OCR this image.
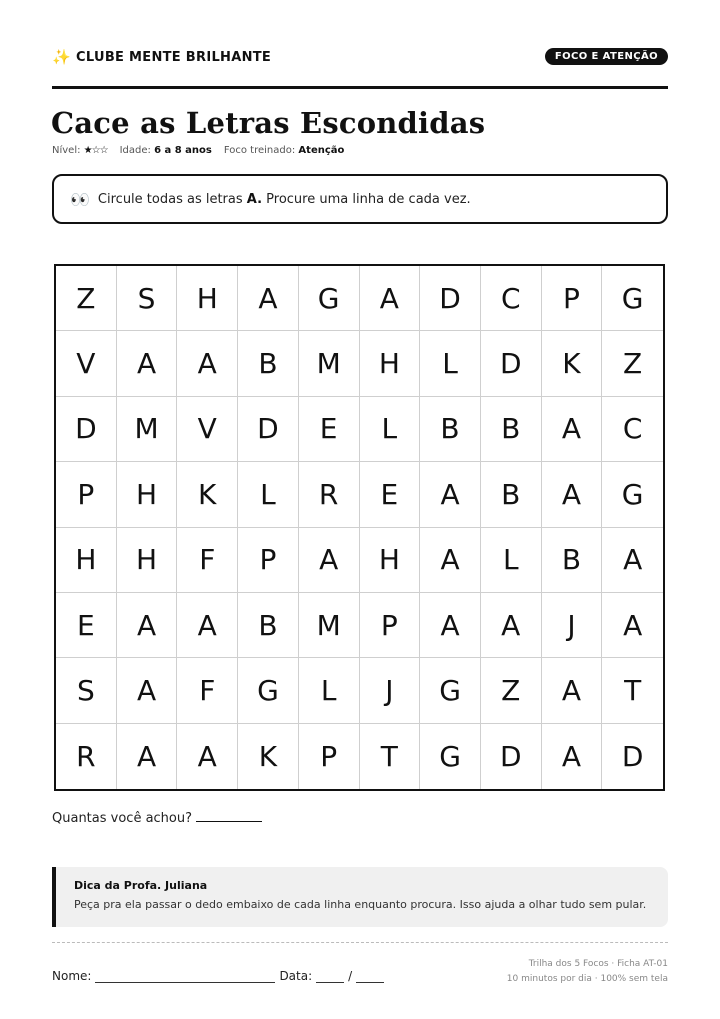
✨ CLUBE MENTE BRILHANTE	FOCO E ATENÇÃO
Cace as Letras Escondidas
Nível: ★☆☆ Idade: 6 a 8 anos Foco treinado: Atenção
👀 Circule todas as letras A. Procure uma linha de cada vez.
Z	S	H	A	G	A	D	C	P	G
V	A	A	B	M	H	L	D	K	Z
D	M	V	D	E	L	B	B	A	C
P	H	K	L	R	E	A	B	A	G
H	H	F	P	A	H	A	L	B	A
E	A	A	B	M	P	A	A	J	A
S	A	F	G	L	J	G	Z	A	T
R	A	A	K	P	T	G	D	A	D
Quantas você achou?
Dica da Profa. Juliana
Peça pra ela passar o dedo embaixo de cada linha enquanto procura. Isso ajuda a olhar tudo sem pular.
Nome:	Data:	/
Trilha dos 5 Focos · Ficha AT-01
10 minutos por dia · 100% sem tela
